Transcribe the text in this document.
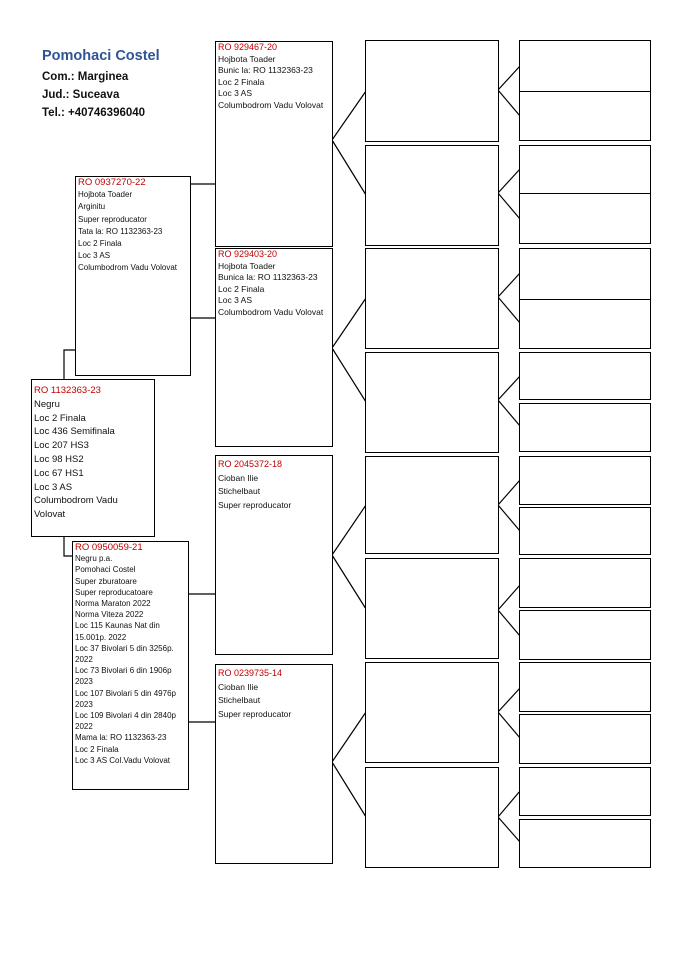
Pomohaci Costel
Com.: Marginea
Jud.: Suceava
Tel.: +40746396040
RO 1132363-23
Negru
Loc 2 Finala
Loc 436 Semifinala
Loc 207 HS3
Loc 98 HS2
Loc 67 HS1
Loc 3 AS
Columbodrom Vadu
Volovat
RO 0937270-22
Hojbota Toader
Arginitu
Super reproducator
Tata la: RO 1132363-23
Loc 2 Finala
Loc 3 AS
Columbodrom Vadu Volovat
RO 0950059-21
Negru p.a.
Pomohaci Costel
Super zburatoare
Super reproducatoare
Norma Maraton 2022
Norma Viteza 2022
Loc 115 Kaunas Nat din
15.001p. 2022
Loc 37 Bivolari 5 din 3256p.
2022
Loc 73 Bivolari 6 din 1906p
2023
Loc 107 Bivolari 5 din 4976p
2023
Loc 109 Bivolari 4 din 2840p
2022
Mama la: RO 1132363-23
Loc 2 Finala
Loc 3 AS Col.Vadu Volovat
RO 929467-20
Hojbota Toader
Bunic la: RO 1132363-23
Loc 2 Finala
Loc 3 AS
Columbodrom Vadu Volovat
RO 929403-20
Hojbota Toader
Bunica la: RO 1132363-23
Loc 2 Finala
Loc 3 AS
Columbodrom Vadu Volovat
RO 2045372-18
Cioban Ilie
Stichelbaut
Super reproducator
RO 0239735-14
Cioban Ilie
Stichelbaut
Super reproducator
